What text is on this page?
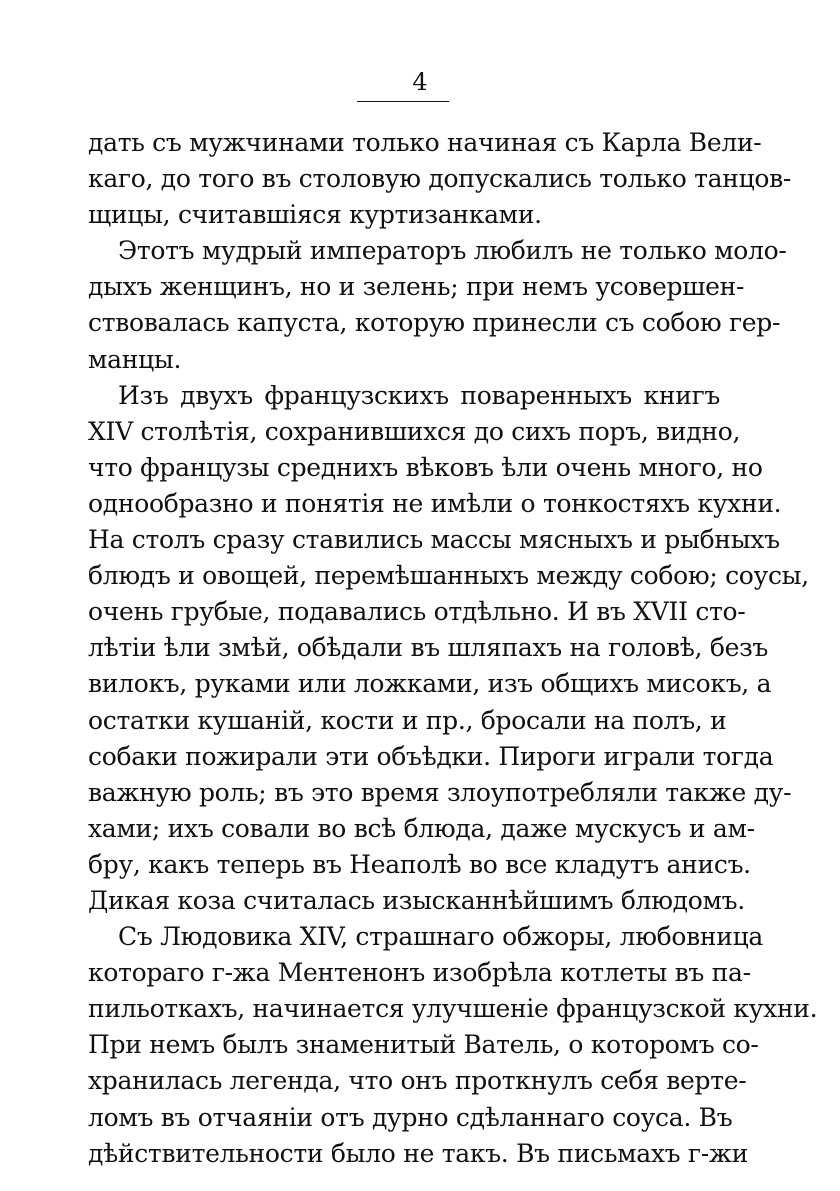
4
дать съ мужчинами только начиная съ Карла Вели-
каго, до того въ столовую допускались только танцов-
щицы, считавшіяся куртизанками.
Этотъ мудрый императоръ любилъ не только моло-
дыхъ женщинъ, но и зелень; при немъ усовершен-
ствовалась капуста, которую принесли съ собою гер-
манцы.
Изъ двухъ французскихъ поваренныхъ книгъ
XIV столѣтія, сохранившихся до сихъ поръ, видно,
что французы среднихъ вѣковъ ѣли очень много, но
однообразно и понятія не имѣли о тонкостяхъ кухни.
На столъ сразу ставились массы мясныхъ и рыбныхъ
блюдъ и овощей, перемѣшанныхъ между собою; соусы,
очень грубые, подавались отдѣльно. И въ XVII сто-
лѣтіи ѣли змѣй, обѣдали въ шляпахъ на головѣ, безъ
вилокъ, руками или ложками, изъ общихъ мисокъ, а
остатки кушаній, кости и пр., бросали на полъ, и
собаки пожирали эти объѣдки. Пироги играли тогда
важную роль; въ это время злоупотребляли также ду-
хами; ихъ совали во всѣ блюда, даже мускусъ и ам-
бру, какъ теперь въ Неаполѣ во все кладутъ анисъ.
Дикая коза считалась изысканнѣйшимъ блюдомъ.
Съ Людовика XIV, страшнаго обжоры, любовница
котораго г-жа Ментенонъ изобрѣла котлеты въ па-
пильоткахъ, начинается улучшеніе французской кухни.
При немъ былъ знаменитый Ватель, о которомъ со-
хранилась легенда, что онъ проткнулъ себя верте-
ломъ въ отчаяніи отъ дурно сдѣланнаго соуса. Въ
дѣйствительности было не такъ. Въ письмахъ г-жи
